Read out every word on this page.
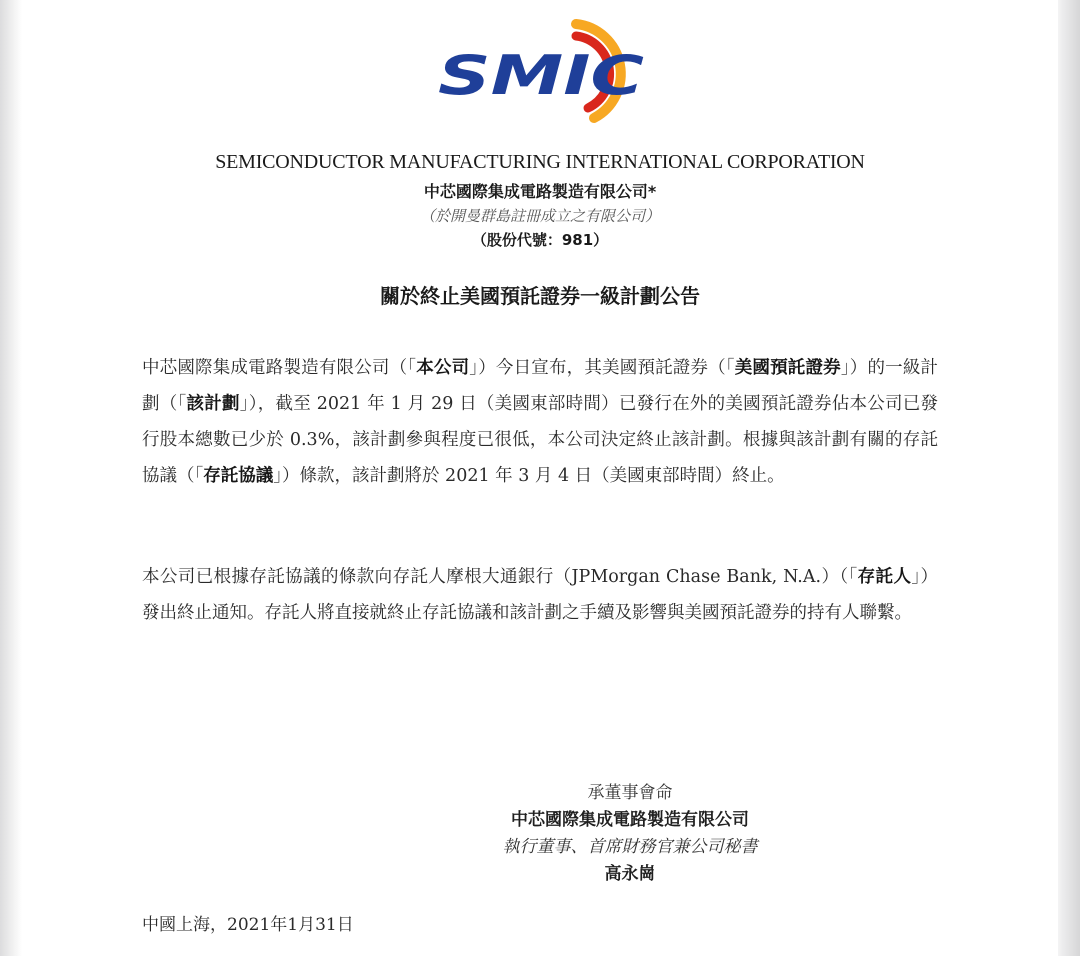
SMIC
SEMICONDUCTOR MANUFACTURING INTERNATIONAL CORPORATION
中芯國際集成電路製造有限公司*
（於開曼群島註冊成立之有限公司）
（股份代號：981）
關於終止美國預託證券一級計劃公告
中芯國際集成電路製造有限公司（「本公司」）今日宣布，其美國預託證券（「美國預託證券」）的一級計劃（「該計劃」），截至 2021 年 1 月 29 日（美國東部時間）已發行在外的美國預託證券佔本公司已發行股本總數已少於 0.3%，該計劃參與程度已很低，本公司決定終止該計劃。根據與該計劃有關的存託協議（「存託協議」）條款，該計劃將於 2021 年 3 月 4 日（美國東部時間）終止。
本公司已根據存託協議的條款向存託人摩根大通銀行（JPMorgan Chase Bank, N.A.）（「存託人」）發出終止通知。存託人將直接就終止存託協議和該計劃之手續及影響與美國預託證券的持有人聯繫。
承董事會命
中芯國際集成電路製造有限公司
執行董事、首席財務官兼公司秘書
高永崗
中國上海，2021年1月31日
